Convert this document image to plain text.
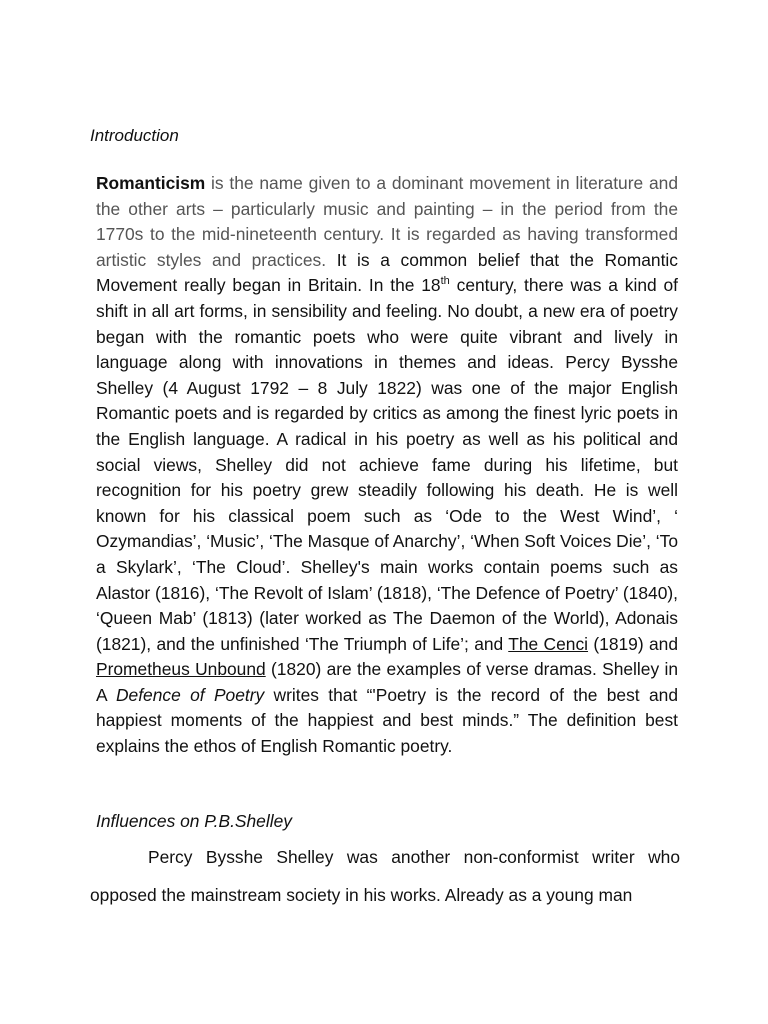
Introduction

Romanticism is the name given to a dominant movement in literature and the other arts – particularly music and painting – in the period from the 1770s to the mid-nineteenth century. It is regarded as having transformed artistic styles and practices. It is a common belief that the Romantic Movement really began in Britain. In the 18th century, there was a kind of shift in all art forms, in sensibility and feeling. No doubt, a new era of poetry began with the romantic poets who were quite vibrant and lively in language along with innovations in themes and ideas. Percy Bysshe Shelley (4 August 1792 – 8 July 1822) was one of the major English Romantic poets and is regarded by critics as among the finest lyric poets in the English language. A radical in his poetry as well as his political and social views, Shelley did not achieve fame during his lifetime, but recognition for his poetry grew steadily following his death. He is well known for his classical poem such as ‘Ode to the West Wind’, ‘ Ozymandias’, ‘Music’, ‘The Masque of Anarchy’, ‘When Soft Voices Die’, ‘To a Skylark’, ‘The Cloud’. Shelley's main works contain poems such as Alastor (1816), ‘The Revolt of Islam’ (1818), ‘The Defence of Poetry’ (1840), ‘Queen Mab’ (1813) (later worked as The Daemon of the World), Adonais (1821), and the unfinished ‘The Triumph of Life’; and The Cenci (1819) and Prometheus Unbound (1820) are the examples of verse dramas. Shelley in A Defence of Poetry writes that “'Poetry is the record of the best and happiest moments of the happiest and best minds.” The definition best explains the ethos of English Romantic poetry.

Influences on P.B.Shelley

Percy Bysshe Shelley was another non-conformist writer who opposed the mainstream society in his works. Already as a young man
